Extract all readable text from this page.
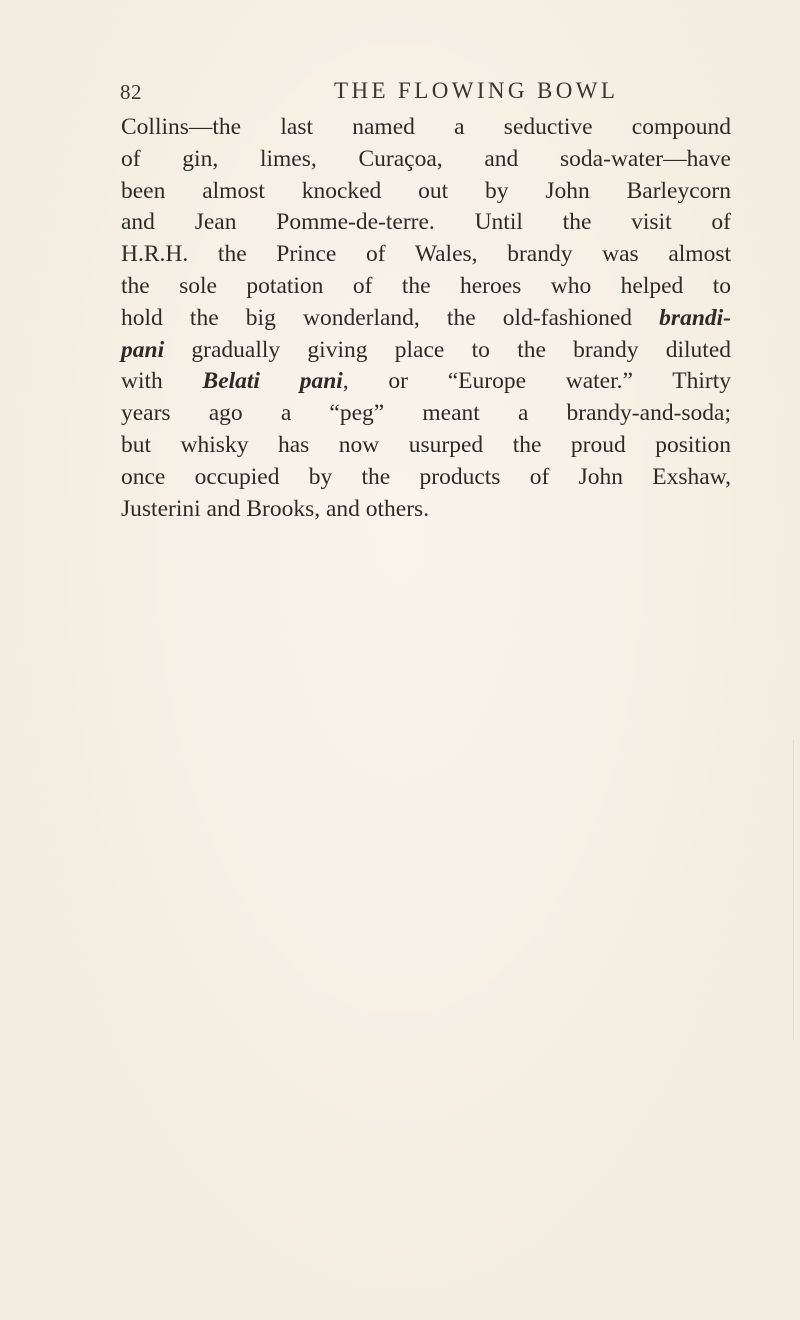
82	THE FLOWING BOWL
Collins—the last named a seductive compound
of gin, limes, Curaçoa, and soda-water—have
been almost knocked out by John Barleycorn
and Jean Pomme-de-terre. Until the visit of
H.R.H. the Prince of Wales, brandy was almost
the sole potation of the heroes who helped to
hold the big wonderland, the old-fashioned brandi-
pani gradually giving place to the brandy diluted
with Belati pani, or “Europe water.” Thirty
years ago a “peg” meant a brandy-and-soda;
but whisky has now usurped the proud position
once occupied by the products of John Exshaw,
Justerini and Brooks, and others.
